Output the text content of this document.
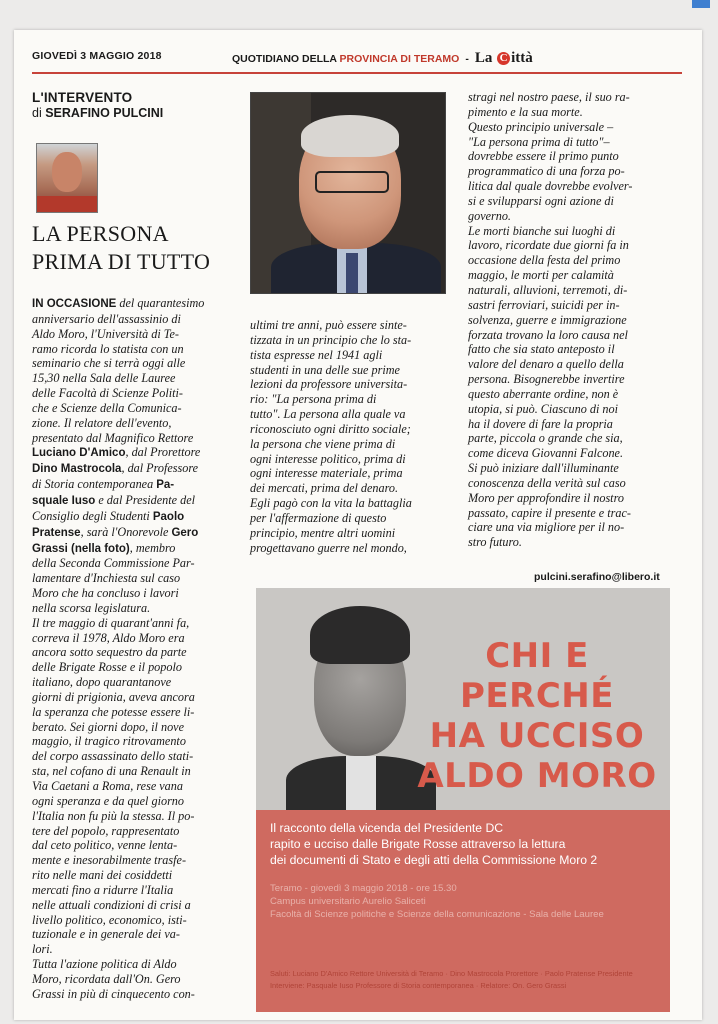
GIOVEDÌ 3 MAGGIO 2018	QUOTIDIANO DELLA PROVINCIA DI TERAMO - La C ittà
L'INTERVENTO
di SERAFINO PULCINI
LA PERSONA
PRIMA DI TUTTO

IN OCCASIONE del quarantesimo

anniversario dell'assassinio di

Aldo Moro, l'Università di Te-

ramo ricorda lo statista con un

seminario che si terrà oggi alle

15,30 nella Sala delle Lauree

delle Facoltà di Scienze Politi-

che e Scienze della Comunica-

zione. Il relatore dell'evento,

presentato dal Magnifico Rettore

Luciano D'Amico, dal Prorettore

Dino Mastrocola, dal Professore

di Storia contemporanea Pa-

squale Iuso e dal Presidente del

Consiglio degli Studenti Paolo

Pratense, sarà l'Onorevole Gero

Grassi (nella foto), membro

della Seconda Commissione Par-

lamentare d'Inchiesta sul caso

Moro che ha concluso i lavori

nella scorsa legislatura.

Il tre maggio di quarant'anni fa,

correva il 1978, Aldo Moro era

ancora sotto sequestro da parte

delle Brigate Rosse e il popolo

italiano, dopo quarantanove

giorni di prigionia, aveva ancora

la speranza che potesse essere li-

berato. Sei giorni dopo, il nove

maggio, il tragico ritrovamento

del corpo assassinato dello stati-

sta, nel cofano di una Renault in

Via Caetani a Roma, rese vana

ogni speranza e da quel giorno

l'Italia non fu più la stessa. Il po-

tere del popolo, rappresentato

dal ceto politico, venne lenta-

mente e inesorabilmente trasfe-

rito nelle mani dei cosiddetti

mercati fino a ridurre l'Italia

nelle attuali condizioni di crisi a

livello politico, economico, isti-

tuzionale e in generale dei va-

lori.

Tutta l'azione politica di Aldo

Moro, ricordata dall'On. Gero

Grassi in più di cinquecento con-

ultimi tre anni, può essere sinte-

tizzata in un principio che lo sta-

tista espresse nel 1941 agli

studenti in una delle sue prime

lezioni da professore universita-

rio: "La persona prima di

tutto". La persona alla quale va

riconosciuto ogni diritto sociale;

la persona che viene prima di

ogni interesse politico, prima di

ogni interesse materiale, prima

dei mercati, prima del denaro.

Egli pagò con la vita la battaglia

per l'affermazione di questo

principio, mentre altri uomini

progettavano guerre nel mondo,

stragi nel nostro paese, il suo ra-

pimento e la sua morte.

Questo principio universale –

"La persona prima di tutto"–

dovrebbe essere il primo punto

programmatico di una forza po-

litica dal quale dovrebbe evolver-

si e svilupparsi ogni azione di

governo.

Le morti bianche sui luoghi di

lavoro, ricordate due giorni fa in

occasione della festa del primo

maggio, le morti per calamità

naturali, alluvioni, terremoti, di-

sastri ferroviari, suicidi per in-

solvenza, guerre e immigrazione

forzata trovano la loro causa nel

fatto che sia stato anteposto il

valore del denaro a quello della

persona. Bisognerebbe invertire

questo aberrante ordine, non è

utopia, si può. Ciascuno di noi

ha il dovere di fare la propria

parte, piccola o grande che sia,

come diceva Giovanni Falcone.

Si può iniziare dall'illuminante

conoscenza della verità sul caso

Moro per approfondire il nostro

passato, capire il presente e trac-

ciare una via migliore per il no-

stro futuro.

pulcini.serafino@libero.it
CHI E PERCHÉ
HA UCCISO
ALDO MORO
Il racconto della vicenda del Presidente DC
rapito e ucciso dalle Brigate Rosse attraverso la lettura
dei documenti di Stato e degli atti della Commissione Moro 2
Teramo - giovedì 3 maggio 2018 - ore 15.30
Campus universitario Aurelio Saliceti
Facoltà di Scienze politiche e Scienze della comunicazione - Sala delle Lauree
Saluti: Luciano D'Amico Rettore Università di Teramo · Dino Mastrocola Prorettore · Paolo Pratense Presidente
Interviene: Pasquale Iuso Professore di Storia contemporanea · Relatore: On. Gero Grassi
